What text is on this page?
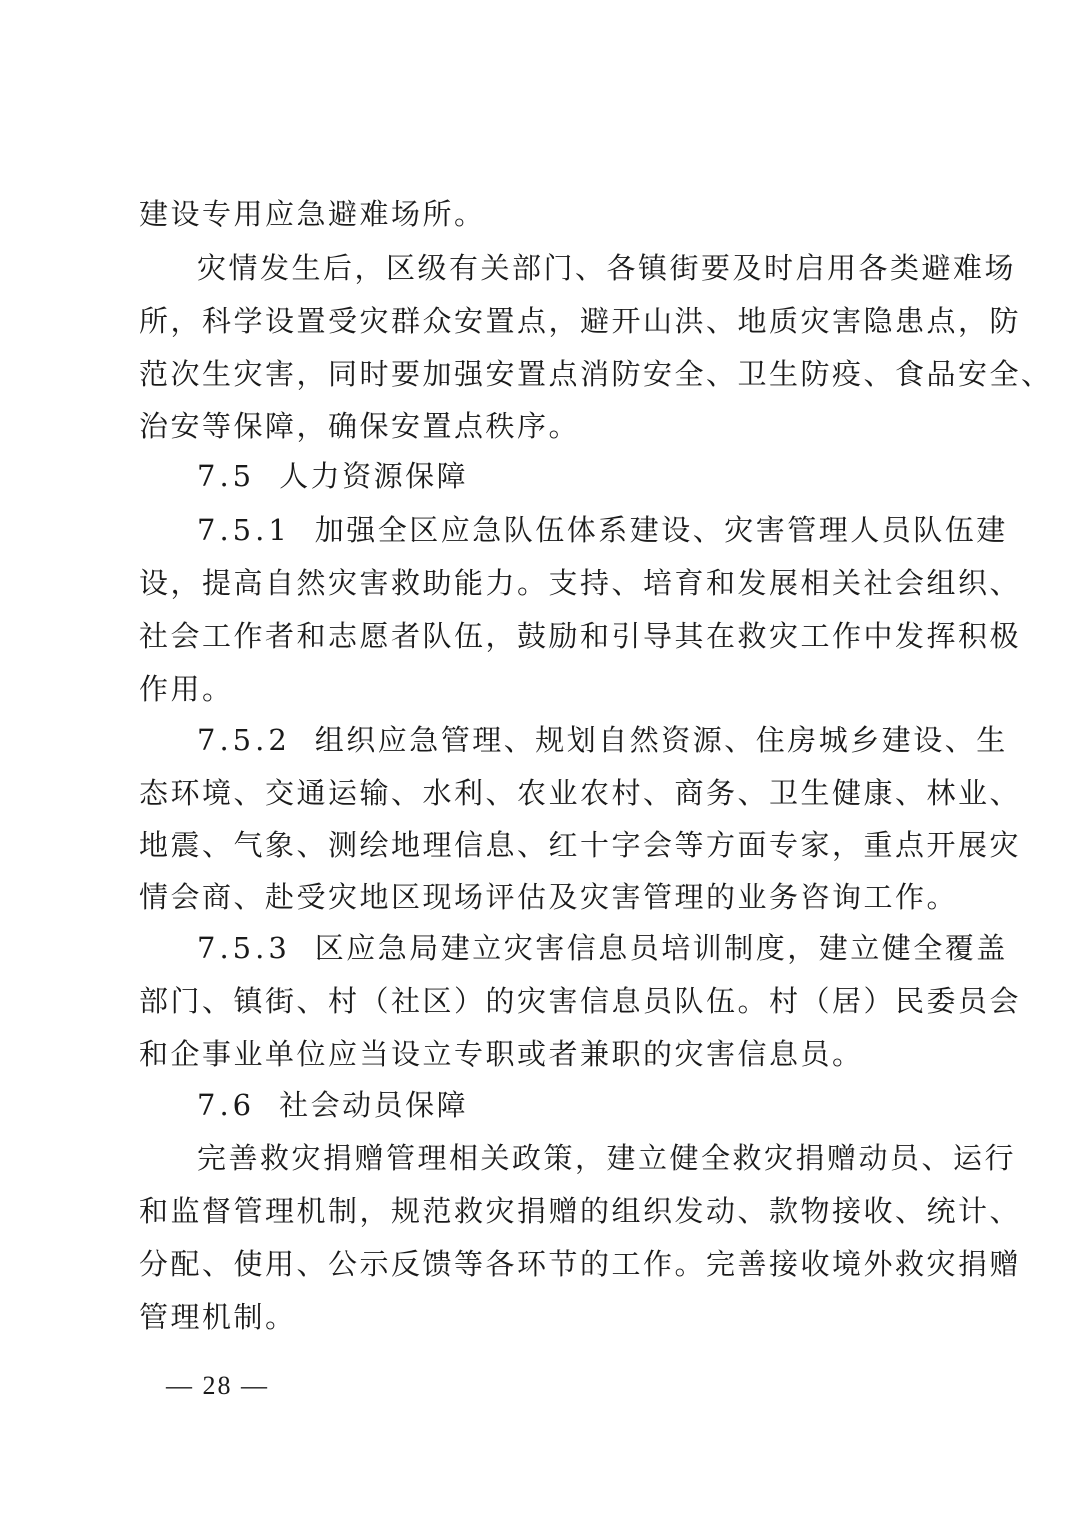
建设专用应急避难场所。
灾情发生后，区级有关部门、各镇街要及时启用各类避难场
所，科学设置受灾群众安置点，避开山洪、地质灾害隐患点，防
范次生灾害，同时要加强安置点消防安全、卫生防疫、食品安全、
治安等保障，确保安置点秩序。
7.5 人力资源保障
7.5.1 加强全区应急队伍体系建设、灾害管理人员队伍建
设，提高自然灾害救助能力。支持、培育和发展相关社会组织、
社会工作者和志愿者队伍，鼓励和引导其在救灾工作中发挥积极
作用。
7.5.2 组织应急管理、规划自然资源、住房城乡建设、生
态环境、交通运输、水利、农业农村、商务、卫生健康、林业、
地震、气象、测绘地理信息、红十字会等方面专家，重点开展灾
情会商、赴受灾地区现场评估及灾害管理的业务咨询工作。
7.5.3 区应急局建立灾害信息员培训制度，建立健全覆盖
部门、镇街、村（社区）的灾害信息员队伍。村（居）民委员会
和企事业单位应当设立专职或者兼职的灾害信息员。
7.6 社会动员保障
完善救灾捐赠管理相关政策，建立健全救灾捐赠动员、运行
和监督管理机制，规范救灾捐赠的组织发动、款物接收、统计、
分配、使用、公示反馈等各环节的工作。完善接收境外救灾捐赠
管理机制。
— 28 —
